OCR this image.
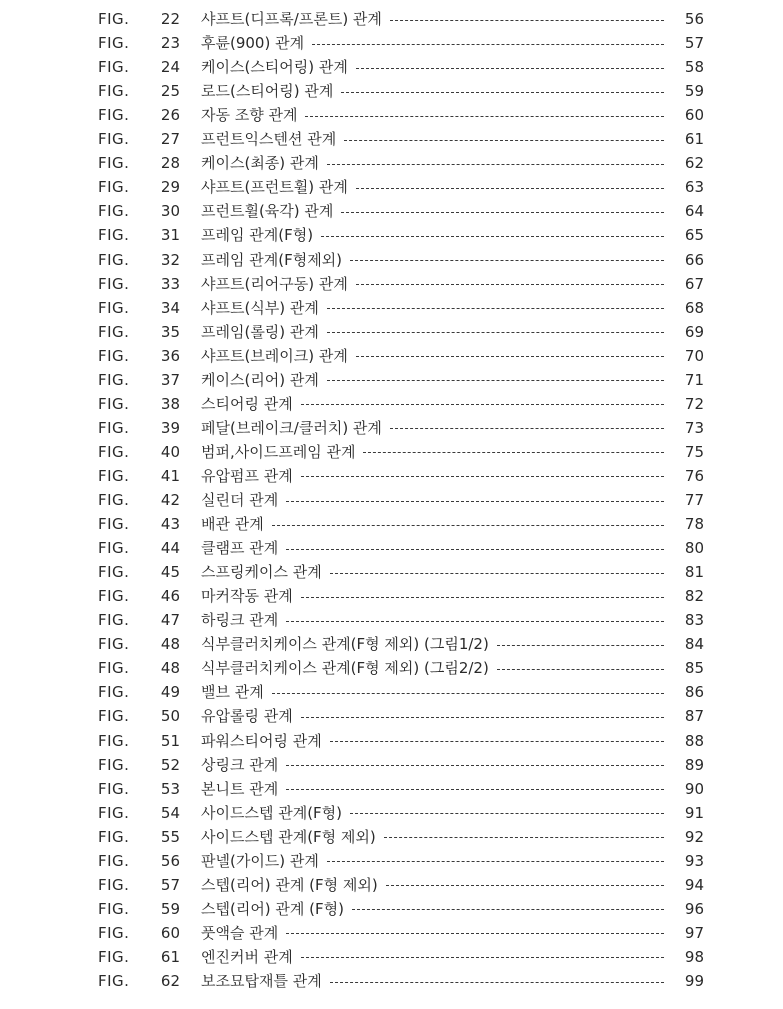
FIG.	22 샤프트(디프록/프론트) 관계	56
FIG.	23 후륜(900) 관계	57
FIG.	24 케이스(스티어링) 관계	58
FIG.	25 로드(스티어링) 관계	59
FIG.	26 자동 조향 관계	60
FIG.	27 프런트익스텐션 관계	61
FIG.	28 케이스(최종) 관계	62
FIG.	29 샤프트(프런트휠) 관계	63
FIG.	30 프런트휠(육각) 관계	64
FIG.	31 프레임 관계(F형)	65
FIG.	32 프레임 관계(F형제외)	66
FIG.	33 샤프트(리어구동) 관계	67
FIG.	34 샤프트(식부) 관계	68
FIG.	35 프레임(롤링) 관계	69
FIG.	36 샤프트(브레이크) 관계	70
FIG.	37 케이스(리어) 관계	71
FIG.	38 스티어링 관계	72
FIG.	39 페달(브레이크/클러치) 관계	73
FIG.	40 범퍼,사이드프레임 관계	75
FIG.	41 유압펌프 관계	76
FIG.	42 실린더 관계	77
FIG.	43 배관 관계	78
FIG.	44 클램프 관계	80
FIG.	45 스프링케이스 관계	81
FIG.	46 마커작동 관계	82
FIG.	47 하링크 관계	83
FIG.	48 식부클러치케이스 관계(F형 제외) (그림1/2)	84
FIG.	48 식부클러치케이스 관계(F형 제외) (그림2/2)	85
FIG.	49 밸브 관계	86
FIG.	50 유압롤링 관계	87
FIG.	51 파워스티어링 관계	88
FIG.	52 상링크 관계	89
FIG.	53 본니트 관계	90
FIG.	54 사이드스텝 관계(F형)	91
FIG.	55 사이드스텝 관계(F형 제외)	92
FIG.	56 판넬(가이드) 관계	93
FIG.	57 스텝(리어) 관계 (F형 제외)	94
FIG.	59 스텝(리어) 관계 (F형)	96
FIG.	60 풋액슬 관계	97
FIG.	61 엔진커버 관계	98
FIG.	62 보조묘탑재틀 관계	99
